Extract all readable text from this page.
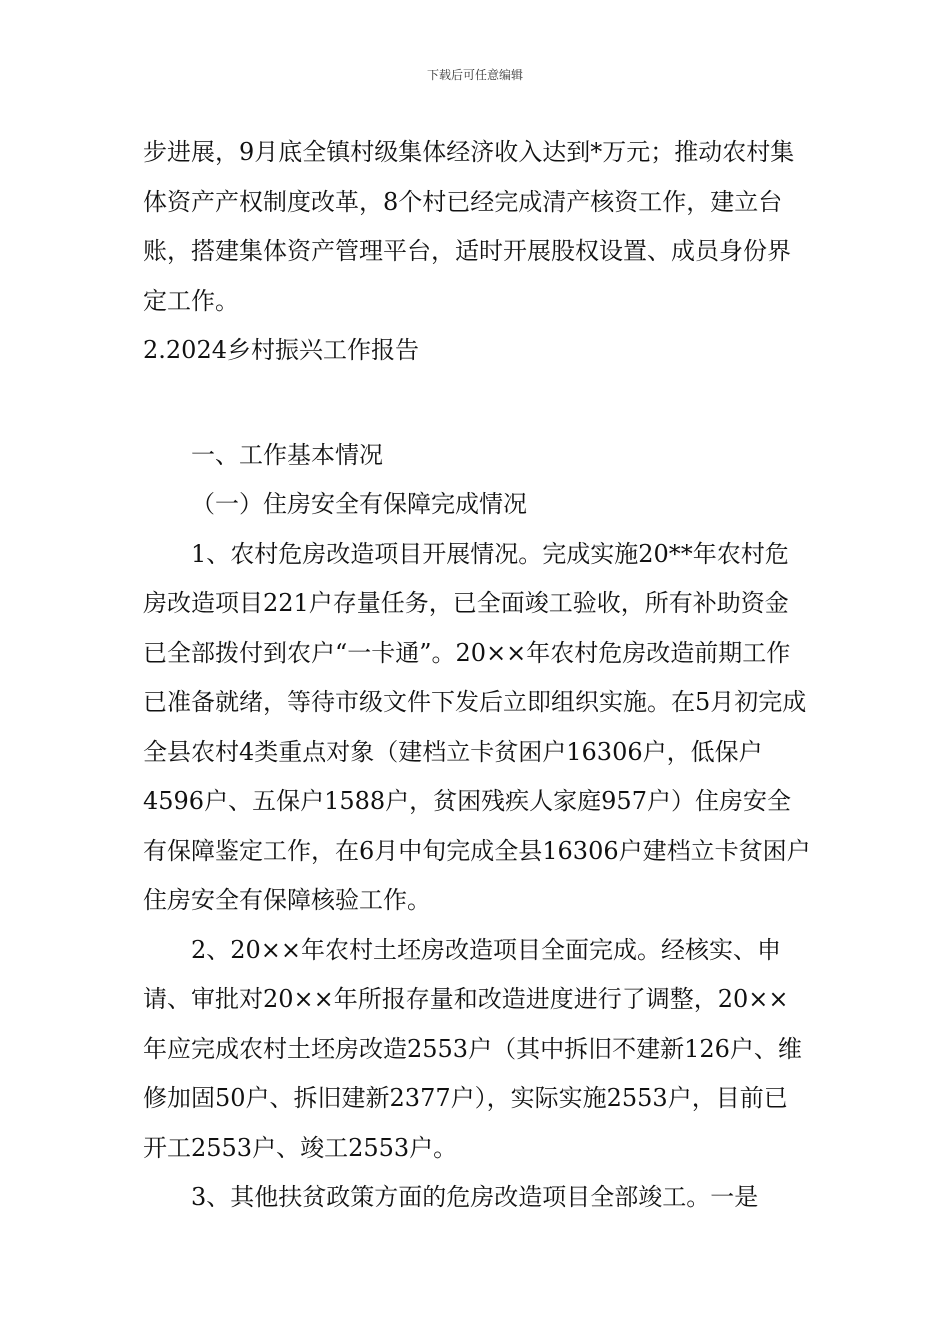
下载后可任意编辑

步进展，9月底全镇村级集体经济收入达到*万元；推动农村集体资产产权制度改革，8个村已经完成清产核资工作，建立台账，搭建集体资产管理平台，适时开展股权设置、成员身份界定工作。

2.2024乡村振兴工作报告

一、工作基本情况

（一）住房安全有保障完成情况

1、农村危房改造项目开展情况。完成实施20**年农村危房改造项目221户存量任务，已全面竣工验收，所有补助资金已全部拨付到农户“一卡通”。20××年农村危房改造前期工作已准备就绪，等待市级文件下发后立即组织实施。在5月初完成全县农村4类重点对象（建档立卡贫困户16306户，低保户4596户、五保户1588户，贫困残疾人家庭957户）住房安全有保障鉴定工作，在6月中旬完成全县16306户建档立卡贫困户住房安全有保障核验工作。

2、20××年农村土坯房改造项目全面完成。经核实、申请、审批对20××年所报存量和改造进度进行了调整，20××年应完成农村土坯房改造2553户（其中拆旧不建新126户、维修加固50户、拆旧建新2377户），实际实施2553户，目前已开工2553户、竣工2553户。

3、其他扶贫政策方面的危房改造项目全部竣工。一是
